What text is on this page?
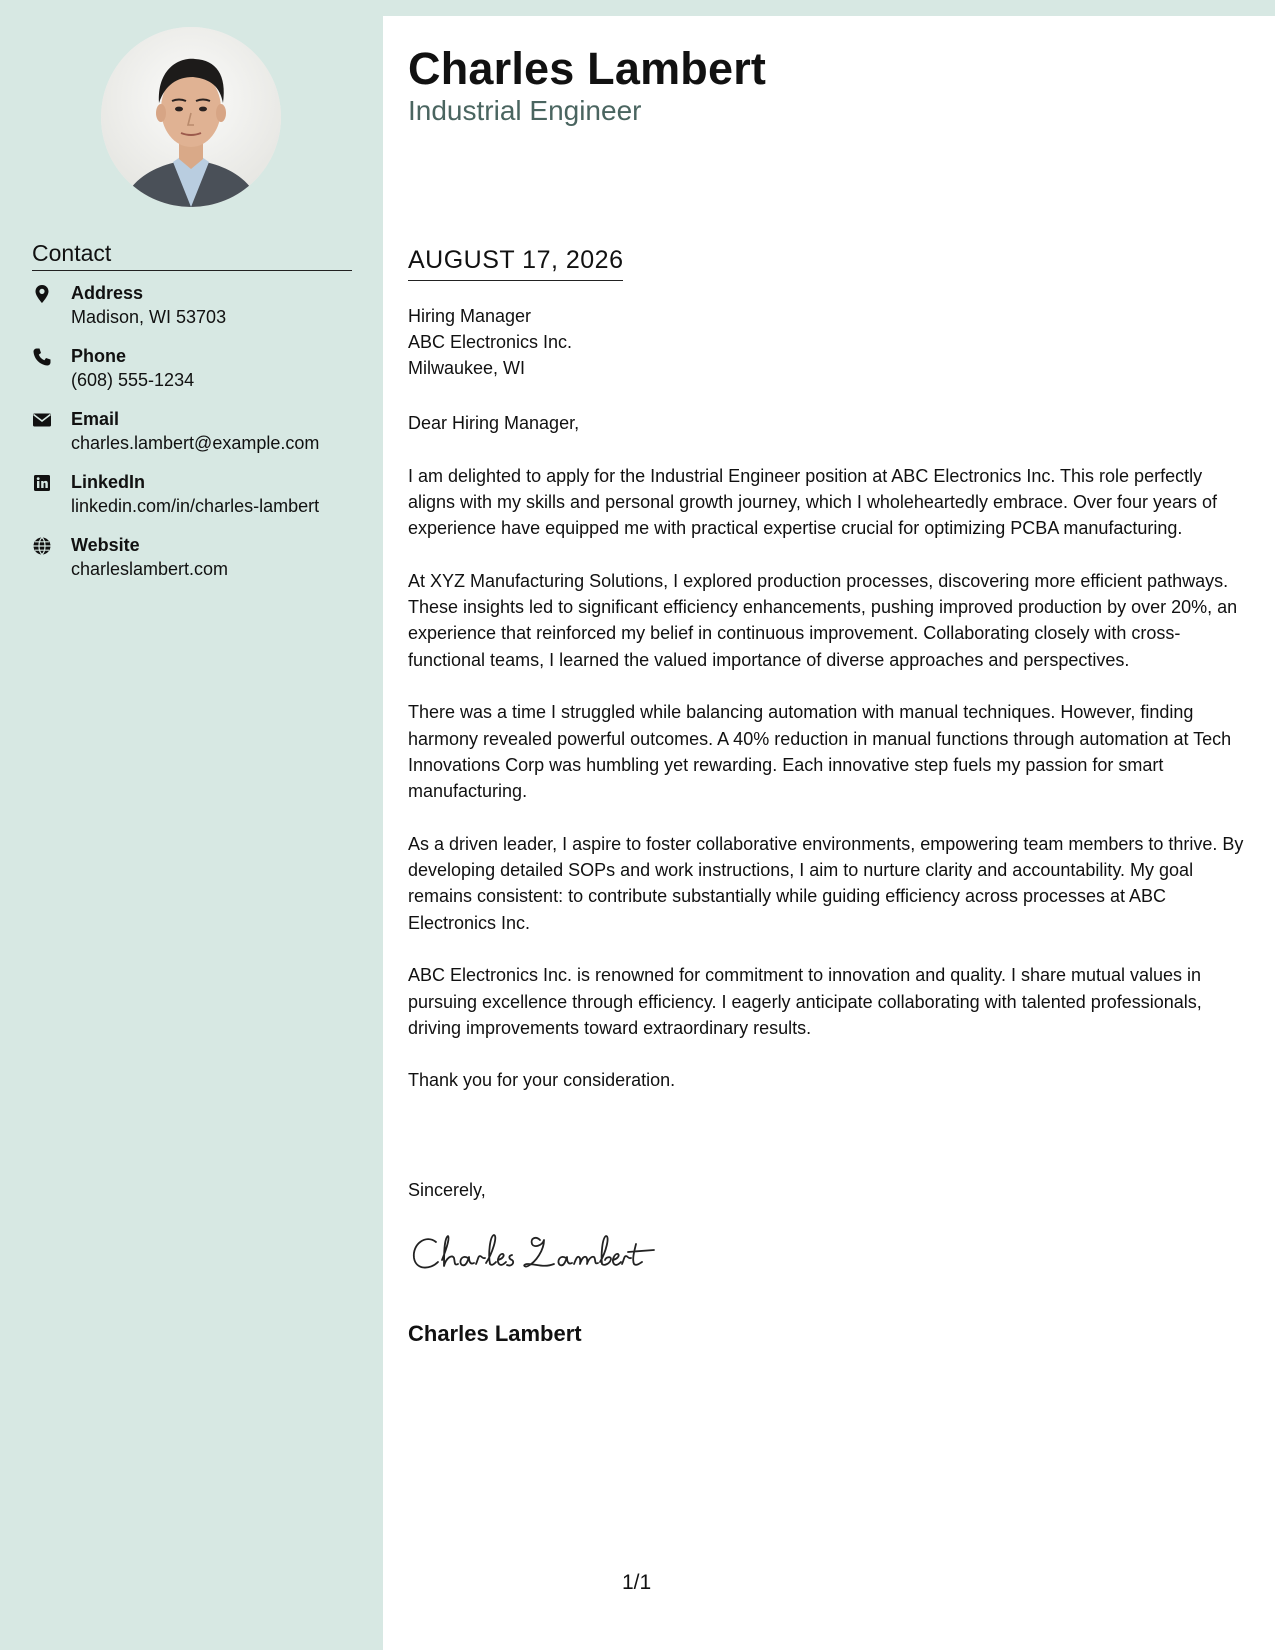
Charles Lambert
Industrial Engineer
Contact
Address
Madison, WI 53703
Phone
(608) 555-1234
Email
charles.lambert@example.com
LinkedIn
linkedin.com/in/charles-lambert
Website
charleslambert.com
AUGUST 17, 2026
Hiring Manager
ABC Electronics Inc.
Milwaukee, WI

Dear Hiring Manager,

I am delighted to apply for the Industrial Engineer position at ABC Electronics Inc. This role perfectly aligns with my skills and personal growth journey, which I wholeheartedly embrace. Over four years of experience have equipped me with practical expertise crucial for optimizing PCBA manufacturing.

At XYZ Manufacturing Solutions, I explored production processes, discovering more efficient pathways. These insights led to significant efficiency enhancements, pushing improved production by over 20%, an experience that reinforced my belief in continuous improvement. Collaborating closely with cross-functional teams, I learned the valued importance of diverse approaches and perspectives.

There was a time I struggled while balancing automation with manual techniques. However, finding harmony revealed powerful outcomes. A 40% reduction in manual functions through automation at Tech Innovations Corp was humbling yet rewarding. Each innovative step fuels my passion for smart manufacturing.

As a driven leader, I aspire to foster collaborative environments, empowering team members to thrive. By developing detailed SOPs and work instructions, I aim to nurture clarity and accountability. My goal remains consistent: to contribute substantially while guiding efficiency across processes at ABC Electronics Inc.

ABC Electronics Inc. is renowned for commitment to innovation and quality. I share mutual values in pursuing excellence through efficiency. I eagerly anticipate collaborating with talented professionals, driving improvements toward extraordinary results.

Thank you for your consideration.

Sincerely,
Charles Lambert
1/1
